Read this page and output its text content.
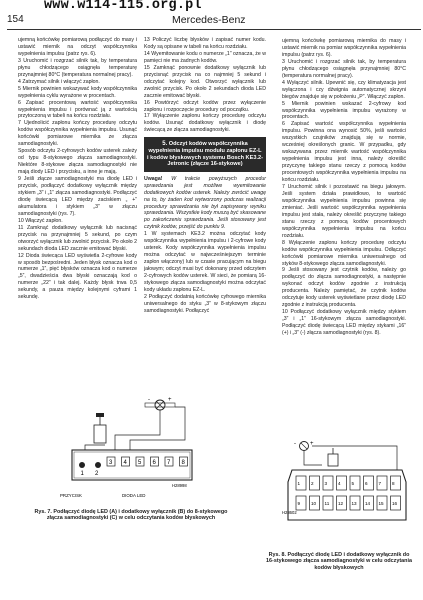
www.w114-115.org.pl
154	Mercedes-Benz

ujemną końcówkę pomiarową podłączyć do masy i ustawić miernik na odczyt współczynnika wypełnienia impulsu (patrz rys. 6).

3 Uruchomić i rozgrzać silnik tak, by temperatura płynu chłodzącego osiągnęła temperaturę przynajmniej 80°C (temperatura normalnej pracy).

4 Zatrzymać silnik i włączyć zapłon.

5 Miernik powinien wskazywać kody współczynnika wypełnienia cyklu wyrażone w procentach.

6 Zapisać procentową wartość współczynnika wypełnienia impulsu i porównać ją z wartością przytoczoną w tabeli na końcu rozdziału.

7 Ujednolicić zapłonu kończy procedurę odczytu kodów współczynnika wypełnienia impulsu. Usunąć końcówki pomiarowe miernika ze złącza samodiagnostyki.

Sposób odczytu 2-cyfrowych kodów usterek zależy od typu 8-stykowego złącza samodiagnostyki. Niektóre 8-stykowe złącza samodiagnostyki nie mają diody LED i przycisku, a inne je mają.

9 Jeśli złącze samodiagnostyki ma diodę LED i przycisk, podłączyć dodatkowy wyłącznik między stykiem „3” i „1” złącza samodiagnostyki. Podłączyć diodę świecącą LED między zaciskiem „ +” akumulatora i stykiem „3” w złączu samodiagnostyki (rys. 7).

10 Włączyć zapłon.

11 Zamknąć dodatkowy wyłącznik lub nacisnąć przycisk na przynajmniej 5 sekund, po czym otworzyć wyłącznik lub zwolnić przycisk. Po około 2 sekundach dioda LED zacznie emitować błyski.

12 Dioda świecąca LED wyświetla 2-cyfrowe kody w sposób bezpośredni. Jeden błysk oznacza kod o numerze „1”, pięć błysków oznacza kod o numerze „5”, dwadzieścia dwa błyski oznaczają kod o numerze „22” i tak dalej. Każdy błysk trwa 0,5 sekundy, a pauza między kolejnymi cyframi 1 sekundę.

13 Policzyć liczbę błysków i zapisać numer kodu. Kody są opisane w tabeli na końcu rozdziału.

14 Wyemitowanie kodu o numerze „1” oznacza, że w pamięci nie ma żadnych kodów.

15 Zamknąć ponownie dodatkowy wyłącznik lub przycisnąć przycisk na co najmniej 5 sekund i odczytać kolejny kod. Otworzyć wyłącznik lub zwolnić przycisk. Po około 2 sekundach dioda LED zacznie emitować błyski.

16 Powtórzyć odczyt kodów przez wyłączenie zapłonu i rozpoczęcie procedury od początku.

17 Wyłączenie zapłonu kończy procedurę odczytu kodów. Usunąć dodatkowy wyłącznik i diodę świecącą ze złącza samodiagnostyki.

5. Odczyt kodów współczynnika wypełnienia impulsu modułu zapłonu EZ-L i kodów błyskowych systemu Bosch KE3.2-Jetronic (złącze 16-stykowe)

Uwaga! W trakcie powyższych procedur sprawdzania jest możliwe wyemitowanie dodatkowych kodów usterek. Należy zwrócić uwagę na to, by żaden kod wytworzony podczas realizacji procedury sprawdzania nie był zapisywany wyniku sprawdzania. Wszystkie kody muszą być skasowane po zakończeniu sprawdzania. Jeśli stosowany jest czytnik kodów, przejść do punktu 9.

1 W systemach KE3.2 można odczytać kody współczynnika wypełnienia impulsu i 2-cyfrowe kody usterek. Kody współczynnika wypełnienia impulsu można odczytać w najwcześniejszym terminie zapłon włączony) lub w czasie pracującym na biegu jałowym; odczyt musi być dokonany przed odczytem 2-cyfrowych kodów usterek. W sieci, że pomiarą 16-stykowego złącza samodiagnostyki można odczytać kody układu zapłonu EZ-L.

2 Podłączyć dodatnią końcówkę cyfrowego miernika uniwersalnego do styku „3” w 8-stykowym złączu samodiagnostyki. Podłączyć

ujemną końcówkę pomiarową miernika do masy i ustawić miernik na pomiar współczynnika wypełnienia impulsu (patrz rys. 6).

3 Uruchomić i rozgrzać silnik tak, by temperatura płynu chłodzącego osiągnęła przynajmniej 80°C (temperatura normalnej pracy).

4 Wyłączyć silnik. Upewnić się, czy klimatyzacja jest wyłączona i czy dźwignia automatycznej skrzyni biegów znajduje się w położeniu „P”. Włączyć zapłon.

5 Miernik powinien wskazać 2-cyfrowy kod współczynnika wypełnienia impulsu wyrażony w procentach.

6 Zapisać wartość współczynnika wypełnienia impulsu. Powinna ona wynosić 50%, jeśli wartości wszystkich czujników znajdują się w normie, wcześniej określonych granic. W przypadku, gdy wskazywana przez miernik wartość współczynnika wypełnienia impulsu jest inna, należy określić przyczynę takiego stanu rzeczy z pomocą kodów procentowych współczynnika wypełnienia impulsu na końcu rozdziału.

7 Uruchomić silnik i pozostawić na biegu jałowym. Jeśli system działa prawidłowo, to wartość współczynnika wypełnienia impulsu powinna się zmieniać. Jeśli wartość współczynnika wypełnienia impulsu jest stała, należy określić przyczynę takiego stanu rzeczy z pomocą kodów procentowych współczynnika wypełnienia impulsu na końcu rozdziału.

8 Wyłączenie zapłonu kończy procedurę odczytu kodów współczynnika wypełnienia impulsu. Odłączyć końcówki pomiarowe miernika uniwersalnego od styków 8-stykowego złącza samodiagnostyki.

9 Jeśli stosowany jest czytnik kodów, należy go podłączyć do złącza samodiagnostyki, a następnie wykonać odczyt kodów zgodnie z instrukcją producenta. Należy pamiętać, że czytnik kodów odczytuje kody usterek wyświetlane przez diodę LED zgodnie z instrukcją producenta.

10 Podłączyć dodatkowy wyłącznik między stykiem „3” i „1” 16-stykowym złącza samodiagnostyki. Podłączyć diodę świecącą LED między stykami „16” (+) i „3” (-) złącza samodiagnostyki (rys. 8).

+
-
1 2
3 4 5 6 7 8
H28998
PRZYCISK	DIODA LED
Rys. 7. Podłączyć diodę LED (A) i dodatkowy wyłącznik (B) do 8-stykowego złącza samodiagnostyki (C) w celu odczytania kodów błyskowych
+
-
1 2 3 4 5 6 7 8
9 10 11 12 13 14 15 16
H28602
Rys. 8. Podłączyć diodę LED i dodatkowy wyłącznik do 16-stykowego złącza samodiagnostyki w celu odczytania kodów błyskowych
